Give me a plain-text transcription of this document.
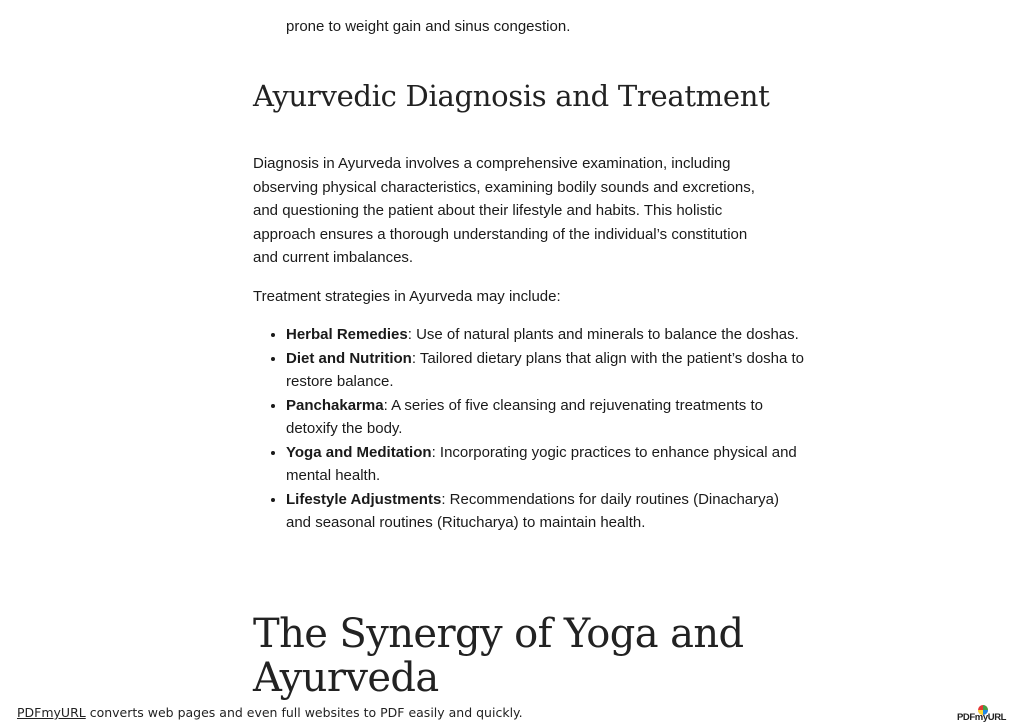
prone to weight gain and sinus congestion.
Ayurvedic Diagnosis and Treatment

Diagnosis in Ayurveda involves a comprehensive examination, including observing physical characteristics, examining bodily sounds and excretions, and questioning the patient about their lifestyle and habits. This holistic approach ensures a thorough understanding of the individual’s constitution and current imbalances.

Treatment strategies in Ayurveda may include:

• Herbal Remedies: Use of natural plants and minerals to balance the doshas.
• Diet and Nutrition: Tailored dietary plans that align with the patient’s dosha to restore balance.
• Panchakarma: A series of five cleansing and rejuvenating treatments to detoxify the body.
• Yoga and Meditation: Incorporating yogic practices to enhance physical and mental health.
• Lifestyle Adjustments: Recommendations for daily routines (Dinacharya) and seasonal routines (Ritucharya) to maintain health.
The Synergy of Yoga and Ayurveda
PDFmyURL converts web pages and even full websites to PDF easily and quickly.	PDFmyURL
